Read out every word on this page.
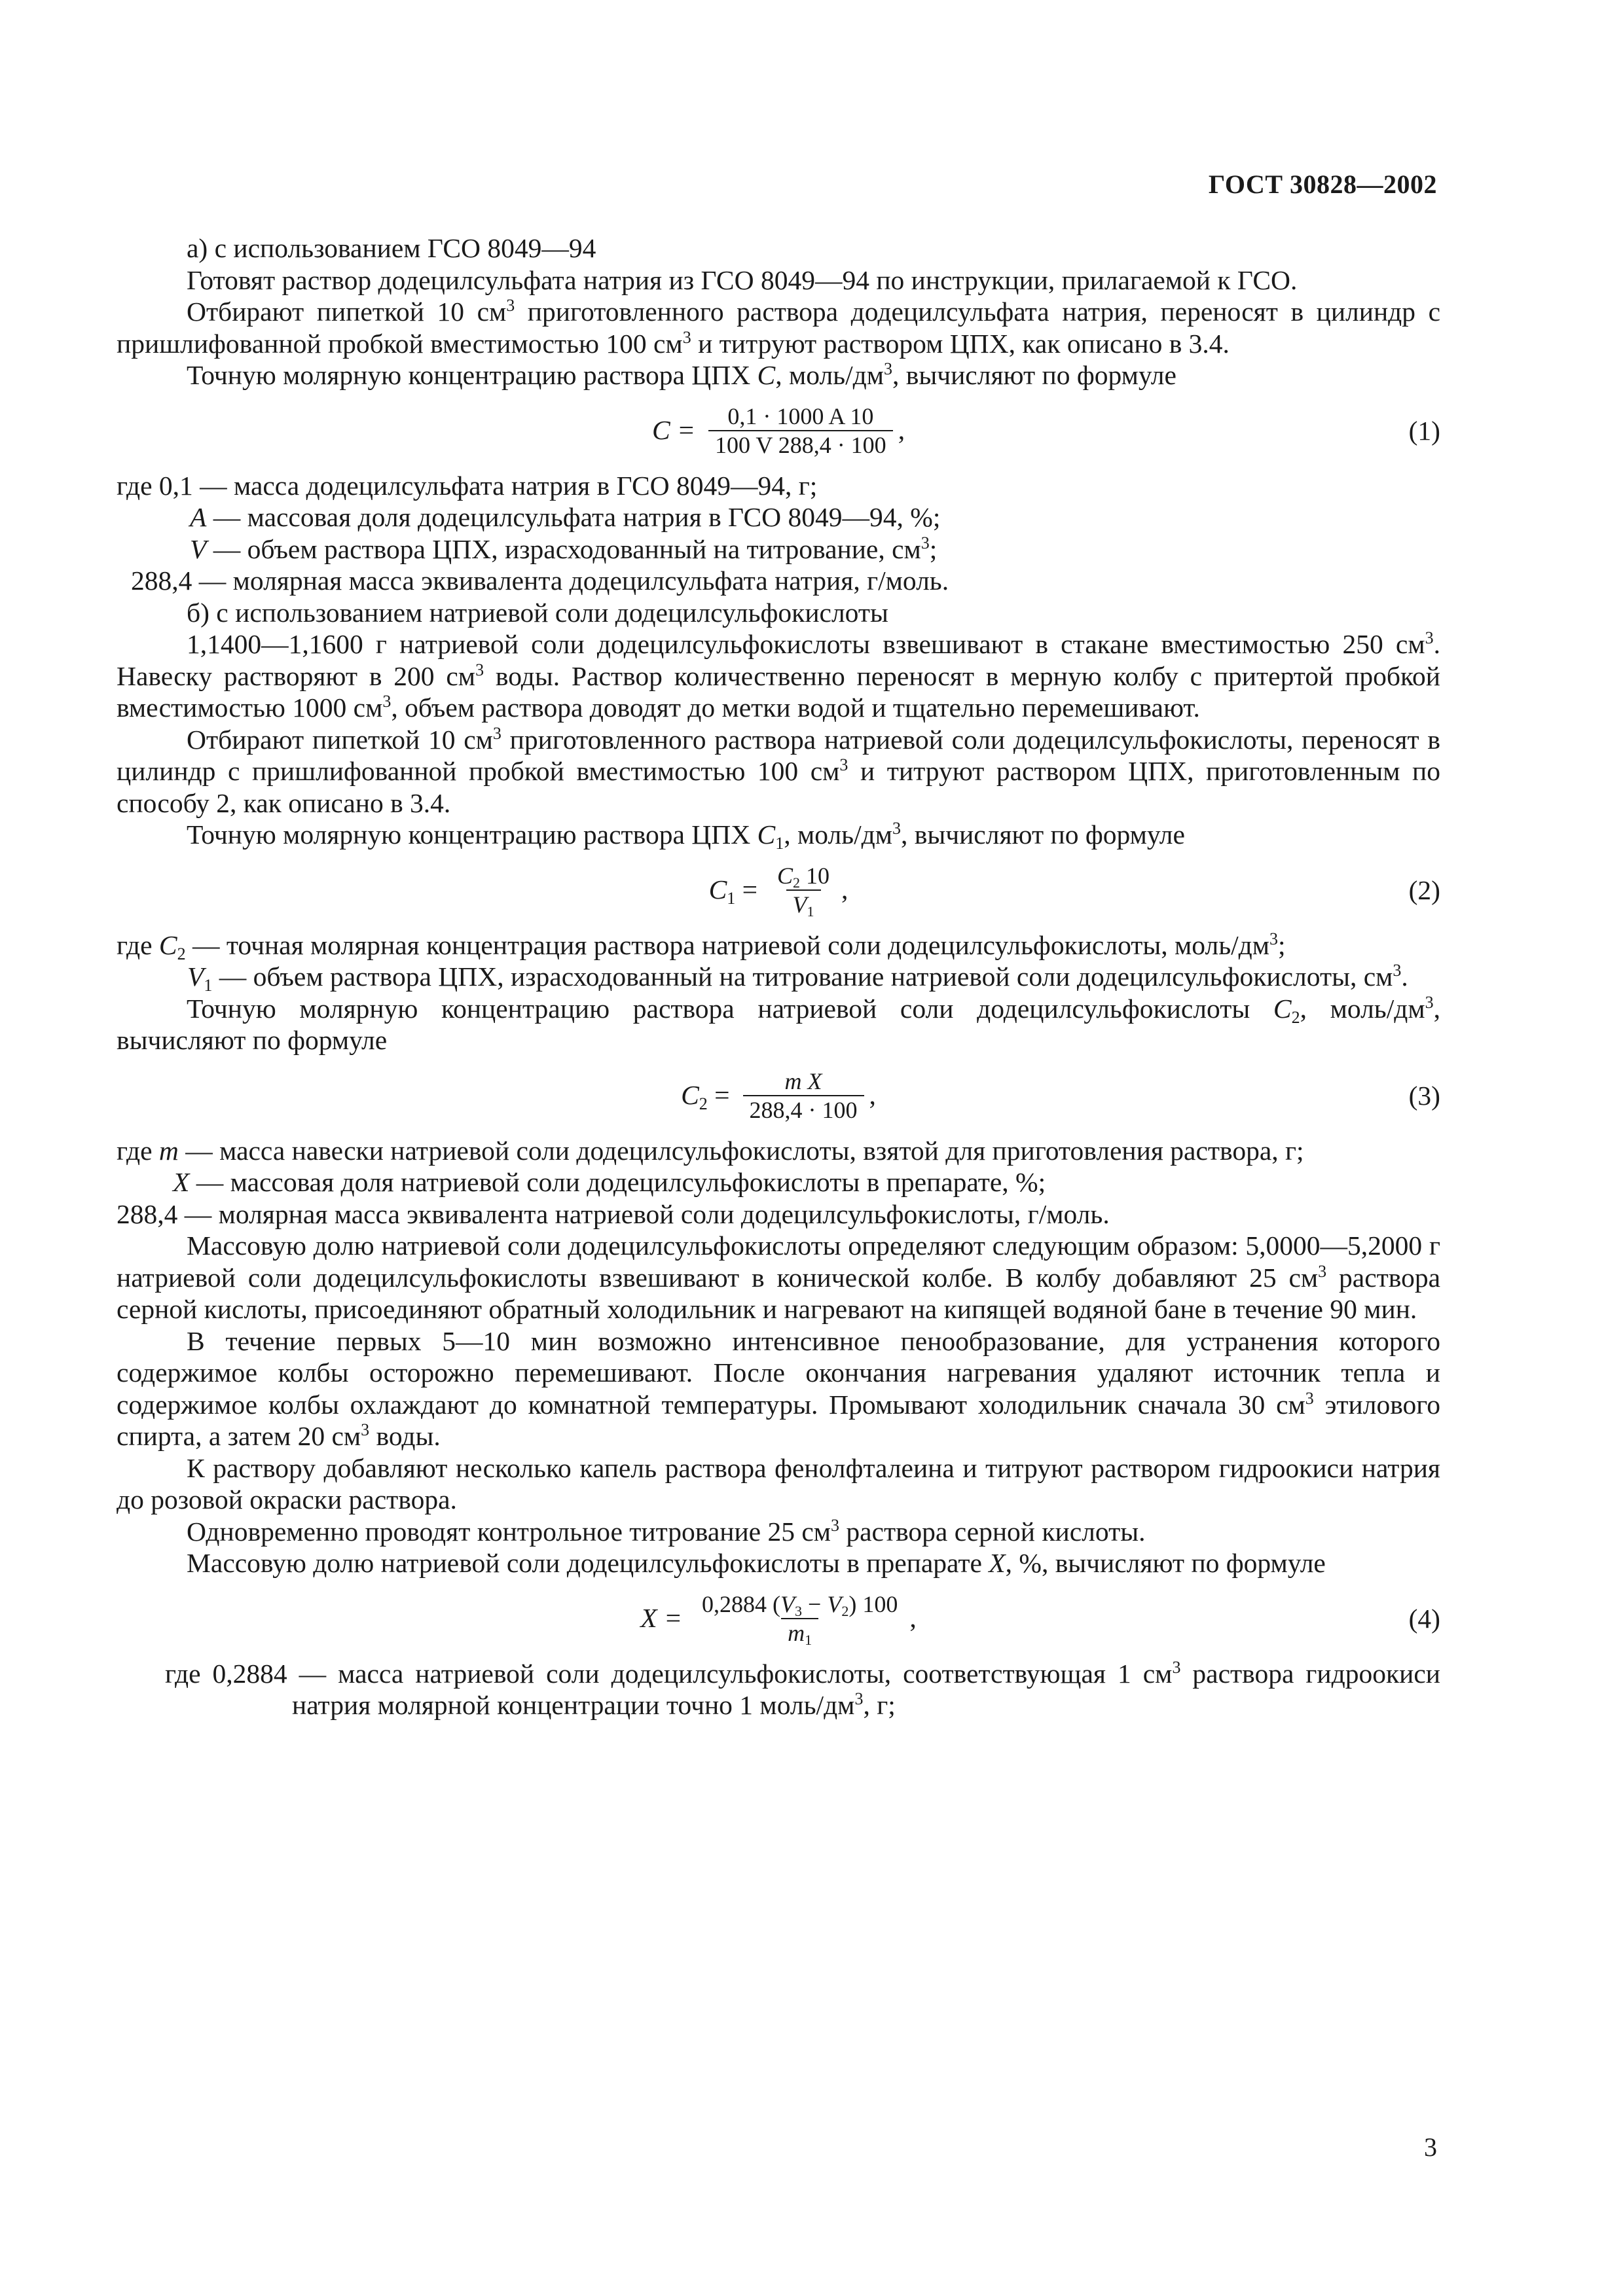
ГОСТ 30828—2002

а) с использованием ГСО 8049—94

Готовят раствор додецилсульфата натрия из ГСО 8049—94 по инструкции, прилагаемой к ГСО.

Отбирают пипеткой 10 $см^3$ приготовленного раствора додецилсульфата натрия, переносят в цилиндр с пришлифованной пробкой вместимостью 100 $см^3$ и титруют раствором ЦПХ, как описано в 3.4.

Точную молярную концентрацию раствора ЦПХ С, моль/$дм^3$, вычисляют по формуле

$C = \frac{0,1 \cdot 1000 A 10}{100 V 288,4 \cdot 100}$ ,	(1)

где 0,1 — масса додецилсульфата натрия в ГСО 8049—94, г;

A — массовая доля додецилсульфата натрия в ГСО 8049—94, %;

V — объем раствора ЦПХ, израсходованный на титрование, $см^3$;

288,4 — молярная масса эквивалента додецилсульфата натрия, г/моль.

б) с использованием натриевой соли додецилсульфокислоты

1,1400—1,1600 г натриевой соли додецилсульфокислоты взвешивают в стакане вместимостью 250 $см^3$. Навеску растворяют в 200 $см^3$ воды. Раствор количественно переносят в мерную колбу с притертой пробкой вместимостью 1000 $см^3$, объем раствора доводят до метки водой и тщательно перемешивают.

Отбирают пипеткой 10 $см^3$ приготовленного раствора натриевой соли додецилсульфокислоты, переносят в цилиндр с пришлифованной пробкой вместимостью 100 $см^3$ и титруют раствором ЦПХ, приготовленным по способу 2, как описано в 3.4.

Точную молярную концентрацию раствора ЦПХ $C_1$, моль/$дм^3$, вычисляют по формуле

$C_1 = \frac{C_2 10}{V_1}$ ,	(2)

где $C_2$ — точная молярная концентрация раствора натриевой соли додецилсульфокислоты, моль/$дм^3$;

$V_1$ — объем раствора ЦПХ, израсходованный на титрование натриевой соли додецилсульфокислоты, $см^3$.

Точную молярную концентрацию раствора натриевой соли додецилсульфокислоты $C_2$, моль/$дм^3$, вычисляют по формуле

$C_2 = \frac{\text{m X}}{288,4 \cdot 100}$ ,	(3)

где m — масса навески натриевой соли додецилсульфокислоты, взятой для приготовления раствора, г;

X — массовая доля натриевой соли додецилсульфокислоты в препарате, %;

288,4 — молярная масса эквивалента натриевой соли додецилсульфокислоты, г/моль.

Массовую долю натриевой соли додецилсульфокислоты определяют следующим образом: 5,0000—5,2000 г натриевой соли додецилсульфокислоты взвешивают в конической колбе. В колбу добавляют 25 $см^3$ раствора серной кислоты, присоединяют обратный холодильник и нагревают на кипящей водяной бане в течение 90 мин.

В течение первых 5—10 мин возможно интенсивное пенообразование, для устранения которого содержимое колбы осторожно перемешивают. После окончания нагревания удаляют источник тепла и содержимое колбы охлаждают до комнатной температуры. Промывают холодильник сначала 30 $см^3$ этилового спирта, а затем 20 $см^3$ воды.

К раствору добавляют несколько капель раствора фенолфталеина и титруют раствором гидроокиси натрия до розовой окраски раствора.

Одновременно проводят контрольное титрование 25 $см^3$ раствора серной кислоты.

Массовую долю натриевой соли додецилсульфокислоты в препарате X, %, вычисляют по формуле

$X = \frac{0,2884 (V_3 - V_2) 100}{m_1}$ ,	(4)

где 0,2884 — масса натриевой соли додецилсульфокислоты, соответствующая 1 $см^3$ раствора гидроокиси натрия молярной концентрации точно 1 моль/$дм^3$, г;

3
